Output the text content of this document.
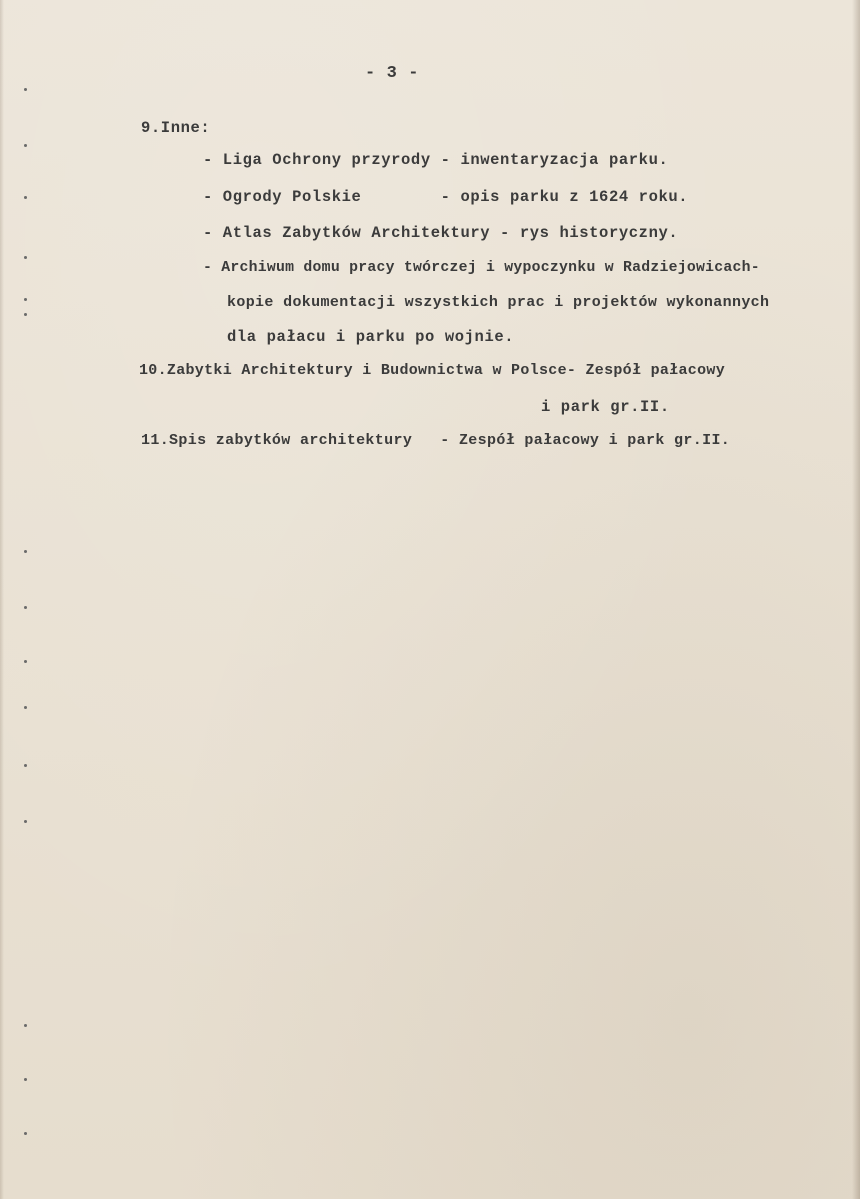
- 3 -
9.Inne:
- Liga Ochrony przyrody - inwentaryzacja parku.
- Ogrody Polskie        - opis parku z 1624 roku.
- Atlas Zabytków Architektury - rys historyczny.
- Archiwum domu pracy twórczej i wypoczynku w Radziejowicach-
kopie dokumentacji wszystkich prac i projektów wykonannych
dla pałacu i parku po wojnie.
10.Zabytki Architektury i Budownictwa w Polsce- Zespół pałacowy
i park gr.II.
11.Spis zabytków architektury   - Zespół pałacowy i park gr.II.
